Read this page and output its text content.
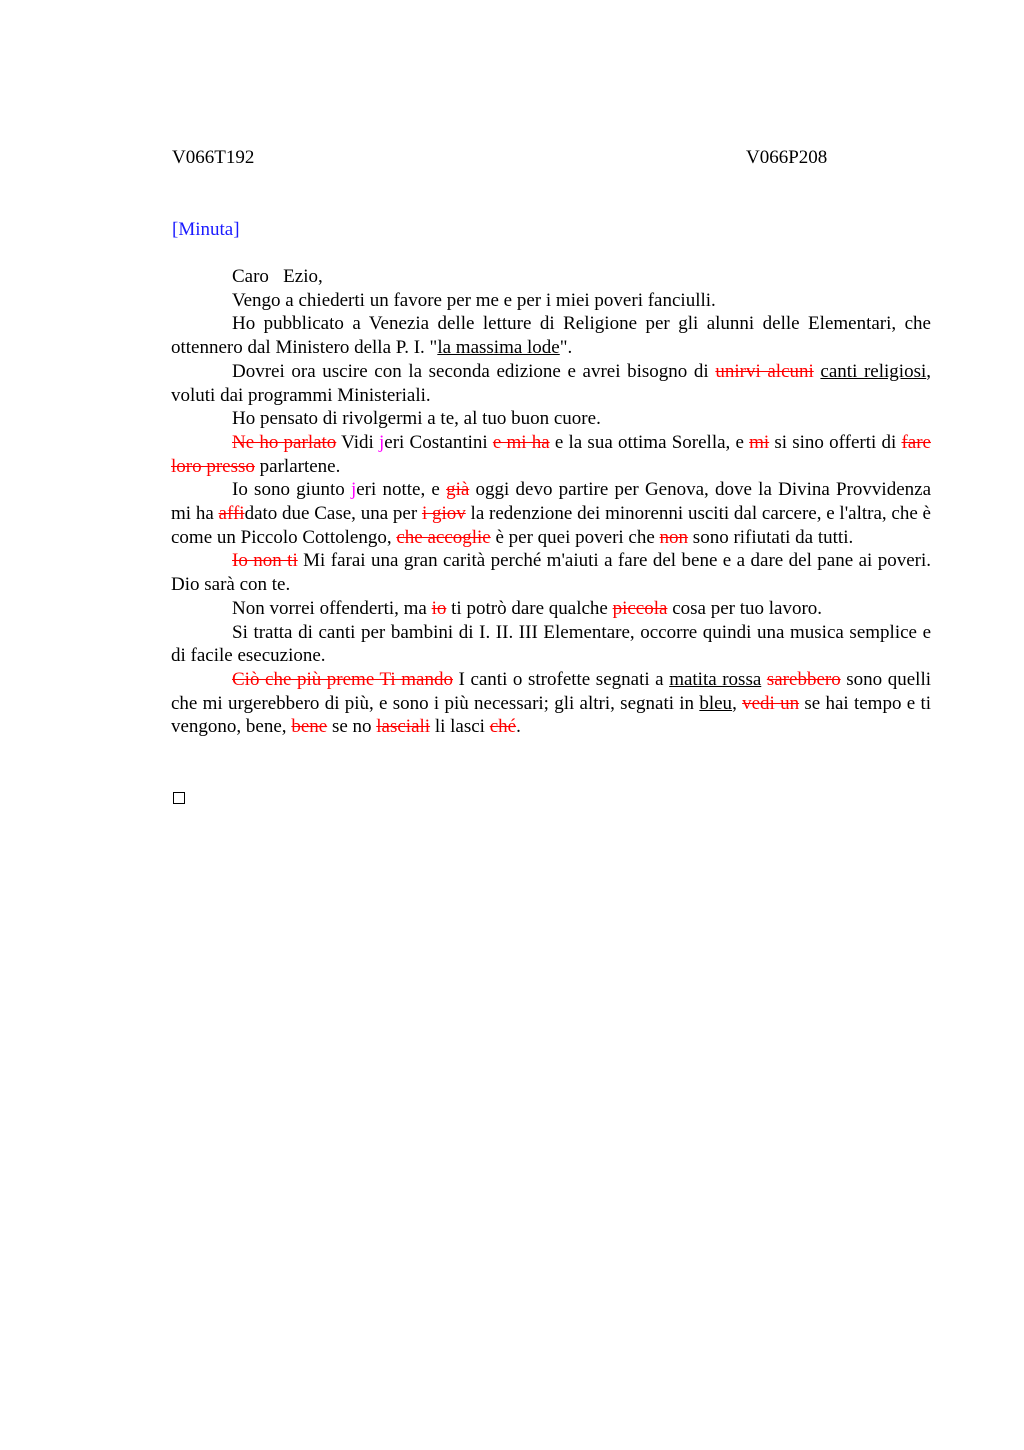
V066T192	V066P208
[Minuta]

Caro   Ezio,

Vengo a chiederti un favore per me e per i miei poveri fanciulli.

Ho pubblicato a Venezia delle letture di Religione per gli alunni delle Elementari, che ottennero dal Ministero della P. I. "la massima lode".

Dovrei ora uscire con la seconda edizione e avrei bisogno di unirvi alcuni canti religiosi, voluti dai programmi Ministeriali.

Ho pensato di rivolgermi a te, al tuo buon cuore.

Ne ho parlato Vidi jeri Costantini e mi ha e la sua ottima Sorella, e mi si sino offerti di fare loro presso parlartene.

Io sono giunto jeri notte, e già oggi devo partire per Genova, dove la Divina Provvidenza mi ha affidato due Case, una per i giov la redenzione dei minorenni usciti dal carcere, e l'altra, che è come un Piccolo Cottolengo, che accoglie è per quei poveri che non sono rifiutati da tutti.

Io non ti Mi farai una gran carità perché m'aiuti a fare del bene e a dare del pane ai poveri. Dio sarà con te.

Non vorrei offenderti, ma io ti potrò dare qualche piccola cosa per tuo lavoro.

Si tratta di canti per bambini di I. II. III Elementare, occorre quindi una musica semplice e di facile esecuzione.

Ciò che più preme Ti mando I canti o strofette segnati a matita rossa sarebbero sono quelli che mi urgerebbero di più, e sono i più necessari; gli altri, segnati in bleu, vedi un se hai tempo e ti vengono, bene, bene se no lasciali li lasci ché.
